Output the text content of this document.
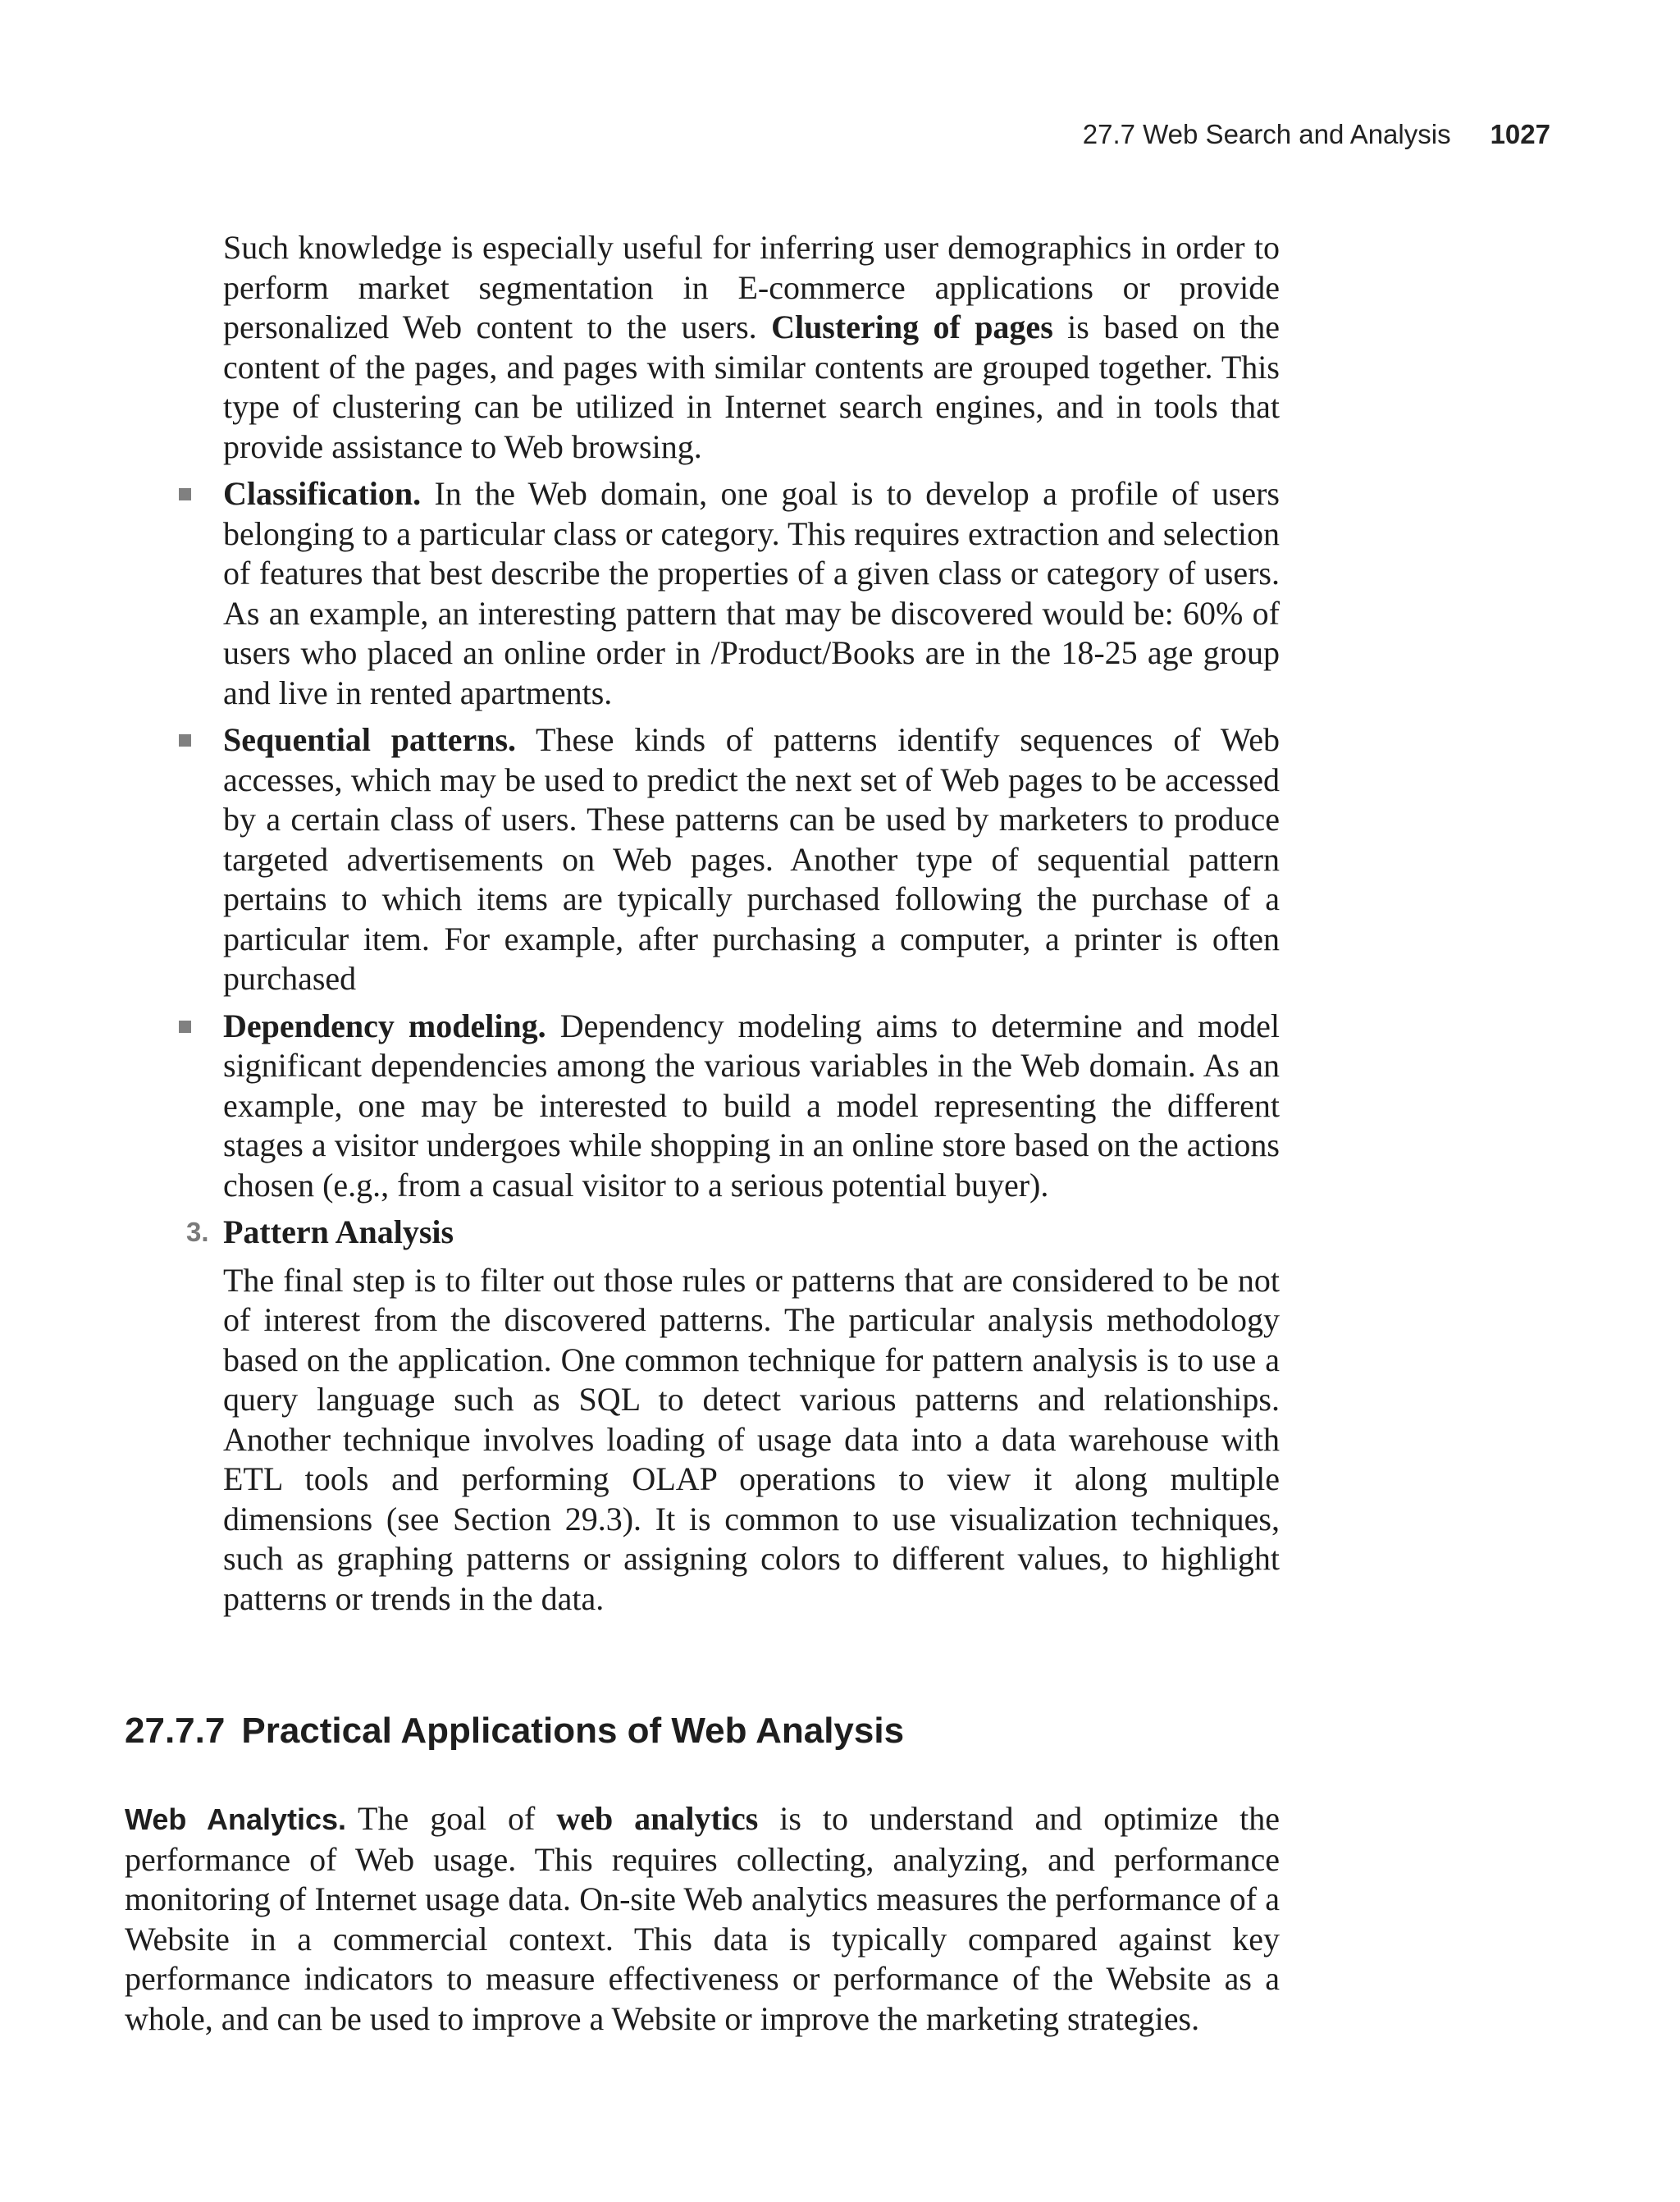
27.7 Web Search and Analysis 1027

Such knowledge is especially useful for inferring user demographics in order to perform market segmentation in E-commerce applications or provide personalized Web content to the users. Clustering of pages is based on the content of the pages, and pages with similar contents are grouped together. This type of clustering can be utilized in Internet search engines, and in tools that provide assistance to Web browsing.

Classification. In the Web domain, one goal is to develop a profile of users belonging to a particular class or category. This requires extraction and selection of features that best describe the properties of a given class or category of users. As an example, an interesting pattern that may be discovered would be: 60% of users who placed an online order in /Product/Books are in the 18-25 age group and live in rented apartments.

Sequential patterns. These kinds of patterns identify sequences of Web accesses, which may be used to predict the next set of Web pages to be accessed by a certain class of users. These patterns can be used by marketers to produce targeted advertisements on Web pages. Another type of sequential pattern pertains to which items are typically purchased following the purchase of a particular item. For example, after purchasing a computer, a printer is often purchased

Dependency modeling. Dependency modeling aims to determine and model significant dependencies among the various variables in the Web domain. As an example, one may be interested to build a model representing the different stages a visitor undergoes while shopping in an online store based on the actions chosen (e.g., from a casual visitor to a serious potential buyer).

3. Pattern Analysis

The final step is to filter out those rules or patterns that are considered to be not of interest from the discovered patterns. The particular analysis methodology based on the application. One common technique for pattern analysis is to use a query language such as SQL to detect various patterns and relationships. Another technique involves loading of usage data into a data warehouse with ETL tools and performing OLAP operations to view it along multiple dimensions (see Section 29.3). It is common to use visualization techniques, such as graphing patterns or assigning colors to different values, to highlight patterns or trends in the data.

27.7.7 Practical Applications of Web Analysis

Web Analytics. The goal of web analytics is to understand and optimize the performance of Web usage. This requires collecting, analyzing, and performance monitoring of Internet usage data. On-site Web analytics measures the performance of a Website in a commercial context. This data is typically compared against key performance indicators to measure effectiveness or performance of the Website as a whole, and can be used to improve a Website or improve the marketing strategies.
